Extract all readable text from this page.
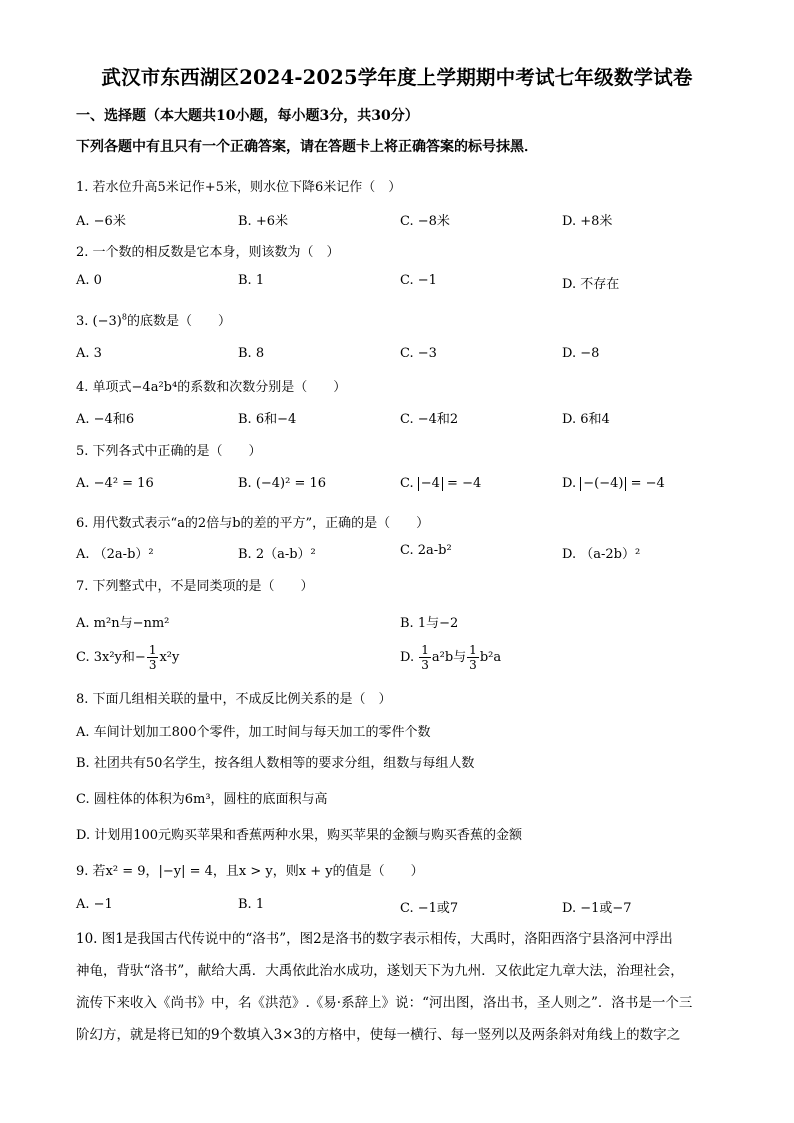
武汉市东西湖区2024-2025学年度上学期期中考试七年级数学试卷
一、选择题（本大题共10小题，每小题3分，共30分）
下列各题中有且只有一个正确答案，请在答题卡上将正确答案的标号抹黑．
1. 若水位升高5米记作+5米，则水位下降6米记作（　）
A. −6米	B. +6米	C. −8米	D. +8米
2. 一个数的相反数是它本身，则该数为（　）
A. 0	B. 1	C. −1	D. 不存在
3. $(-3)^8$的底数是（　　）
A. 3	B. 8	C. −3	D. −8
4. 单项式−4a²b⁴的系数和次数分别是（　　）
A. −4和6	B. 6和−4	C. −4和2	D. 6和4
5. 下列各式中正确的是（　　）
A. −4² = 16	B. (−4)² = 16	C. −4 = −4	D. −(−4) = −4
6. 用代数式表示“a的2倍与b的差的平方”，正确的是（　　）
A. （2a-b）²	B. 2（a-b）²	C. 2a-b²	D. （a-2b）²
7. 下列整式中，不是同类项的是（　　）
A. m²n与−nm²	B. 1与−2
C. 3x²y和− $\frac{1}{3} x^2y$	D. $\frac{1}{3} a^2b$与 $\frac{1}{3} b^2a$
8. 下面几组相关联的量中，不成反比例关系的是（　）
A. 车间计划加工800个零件，加工时间与每天加工的零件个数
B. 社团共有50名学生，按各组人数相等的要求分组，组数与每组人数
C. 圆柱体的体积为6m³，圆柱的底面积与高
D. 计划用100元购买苹果和香蕉两种水果，购买苹果的金额与购买香蕉的金额
9. 若x² = 9，|−y| = 4，且x > y，则x + y的值是（　　）
A. −1	B. 1	C. −1或7	D. −1或−7
10. 图1是我国古代传说中的“洛书”，图2是洛书的数字表示相传，大禹时，洛阳西洛宁县洛河中浮出
神龟，背驮“洛书”，献给大禹．大禹依此治水成功，遂划天下为九州．又依此定九章大法，治理社会，
流传下来收入《尚书》中，名《洪范》.《易·系辞上》说：“河出图，洛出书，圣人则之”．洛书是一个三
阶幻方，就是将已知的9个数填入3×3的方格中，使每一横行、每一竖列以及两条斜对角线上的数字之
